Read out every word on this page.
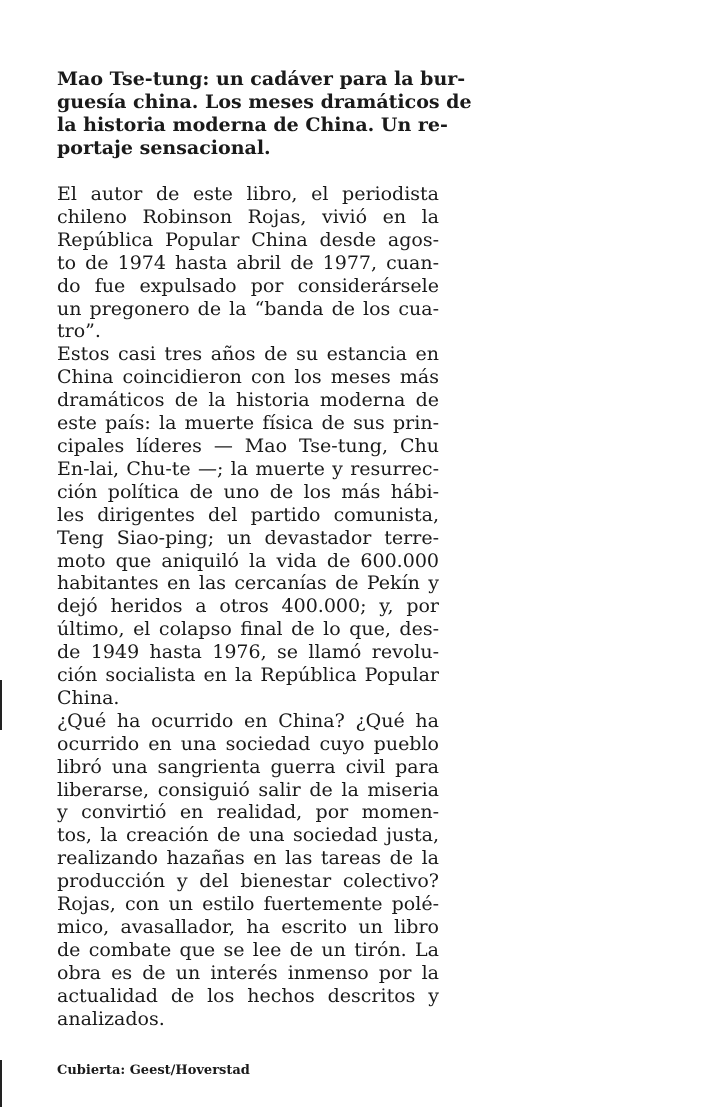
Mao Tse-tung: un cadáver para la bur-
guesía china. Los meses dramáticos de
la historia moderna de China. Un re-
portaje sensacional.
El autor de este libro, el periodista
chileno Robinson Rojas, vivió en la
República Popular China desde agos-
to de 1974 hasta abril de 1977, cuan-
do fue expulsado por considerársele
un pregonero de la “banda de los cua-
tro”.
Estos casi tres años de su estancia en
China coincidieron con los meses más
dramáticos de la historia moderna de
este país: la muerte física de sus prin-
cipales líderes — Mao Tse-tung, Chu
En-lai, Chu-te —; la muerte y resurrec-
ción política de uno de los más hábi-
les dirigentes del partido comunista,
Teng Siao-ping; un devastador terre-
moto que aniquiló la vida de 600.000
habitantes en las cercanías de Pekín y
dejó heridos a otros 400.000; y, por
último, el colapso final de lo que, des-
de 1949 hasta 1976, se llamó revolu-
ción socialista en la República Popular
China.
¿Qué ha ocurrido en China? ¿Qué ha
ocurrido en una sociedad cuyo pueblo
libró una sangrienta guerra civil para
liberarse, consiguió salir de la miseria
y convirtió en realidad, por momen-
tos, la creación de una sociedad justa,
realizando hazañas en las tareas de la
producción y del bienestar colectivo?
Rojas, con un estilo fuertemente polé-
mico, avasallador, ha escrito un libro
de combate que se lee de un tirón. La
obra es de un interés inmenso por la
actualidad de los hechos descritos y
analizados.
Cubierta: Geest/Hoverstad
